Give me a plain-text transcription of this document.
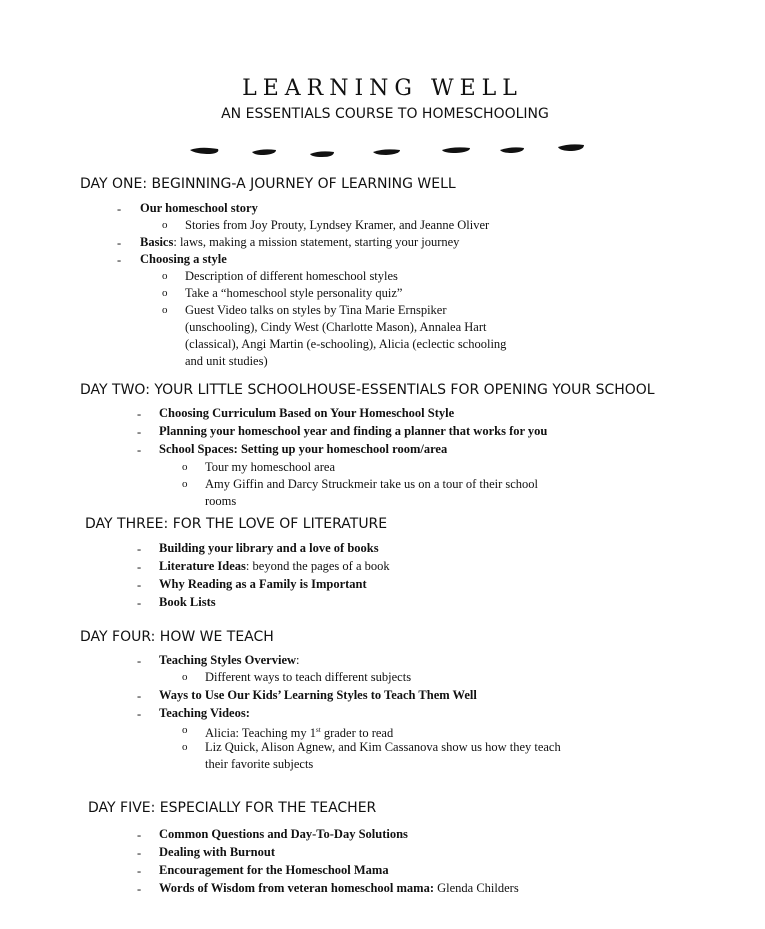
LEARNING WELL
AN ESSENTIALS COURSE TO HOMESCHOOLING
DAY ONE: BEGINNING-A JOURNEY OF LEARNING WELL
- Our homeschool story
o Stories from Joy Prouty, Lyndsey Kramer, and Jeanne Oliver
- Basics: laws, making a mission statement, starting your journey
- Choosing a style
o Description of different homeschool styles
o Take a “homeschool style personality quiz”
o Guest Video talks on styles by Tina Marie Ernspiker
(unschooling), Cindy West (Charlotte Mason), Annalea Hart
(classical), Angi Martin (e-schooling), Alicia (eclectic schooling
and unit studies)
DAY TWO: YOUR LITTLE SCHOOLHOUSE-ESSENTIALS FOR OPENING YOUR SCHOOL
- Choosing Curriculum Based on Your Homeschool Style
- Planning your homeschool year and finding a planner that works for you
- School Spaces: Setting up your homeschool room/area
o Tour my homeschool area
o Amy Giffin and Darcy Struckmeir take us on a tour of their school
rooms
DAY THREE: FOR THE LOVE OF LITERATURE
- Building your library and a love of books
- Literature Ideas: beyond the pages of a book
- Why Reading as a Family is Important
- Book Lists
DAY FOUR: HOW WE TEACH
- Teaching Styles Overview:
o Different ways to teach different subjects
- Ways to Use Our Kids’ Learning Styles to Teach Them Well
- Teaching Videos:
o Alicia: Teaching my 1st grader to read
o Liz Quick, Alison Agnew, and Kim Cassanova show us how they teach
their favorite subjects
DAY FIVE: ESPECIALLY FOR THE TEACHER
- Common Questions and Day-To-Day Solutions
- Dealing with Burnout
- Encouragement for the Homeschool Mama
- Words of Wisdom from veteran homeschool mama: Glenda Childers
